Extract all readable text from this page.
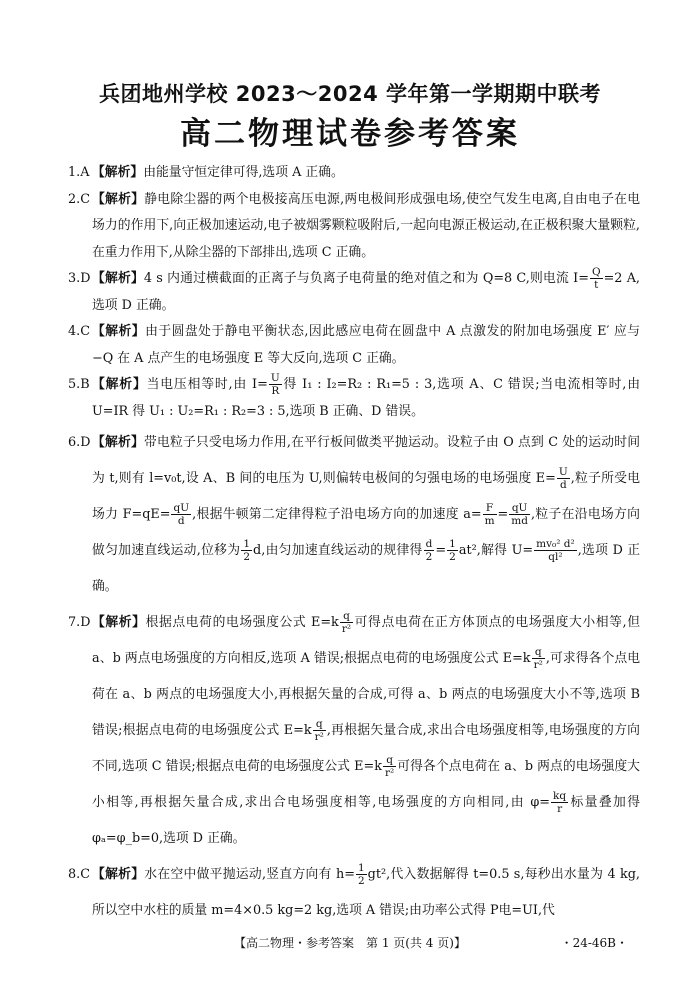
兵团地州学校 2023～2024 学年第一学期期中联考
高二物理试卷参考答案
1.A 【解析】由能量守恒定律可得,选项 A 正确。
2.C 【解析】静电除尘器的两个电极接高压电源,两电极间形成强电场,使空气发生电离,自由电子在电场力的作用下,向正极加速运动,电子被烟雾颗粒吸附后,一起向电源正极运动,在正极积聚大量颗粒,在重力作用下,从除尘器的下部排出,选项 C 正确。
3.D 【解析】4 s 内通过横截面的正离子与负离子电荷量的绝对值之和为 Q=8 C,则电流 $I= \frac{Q}{t} =2$ A,选项 D 正确。
4.C 【解析】由于圆盘处于静电平衡状态,因此感应电荷在圆盘中 A 点激发的附加电场强度 E′ 应与 −Q 在 A 点产生的电场强度 E 等大反向,选项 C 正确。
5.B 【解析】当电压相等时,由 $I= \frac{U}{R}$ 得 I₁ : I₂=R₂ : R₁=5 : 3,选项 A、C 错误;当电流相等时,由 U=IR 得 U₁ : U₂=R₁ : R₂=3 : 5,选项 B 正确、D 错误。
6.D 【解析】带电粒子只受电场力作用,在平行板间做类平抛运动。设粒子由 O 点到 C 处的运动时间为 t,则有 l=v₀t,设 A、B 间的电压为 U,则偏转电极间的匀强电场的电场强度 $E= \frac{U}{d}$ ,粒子所受电场力 $F=qE= \frac{qU}{d}$ ,根据牛顿第二定律得粒子沿电场方向的加速度 $a= \frac{F}{m} = \frac{qU}{md}$ ,粒子在沿电场方向做匀加速直线运动,位移为 $\frac{1}{2} d$,由匀加速直线运动的规律得 $\frac{d}{2} = \frac{1}{2} at^2$,解得 $U= \frac{\text{mv₀² d²}}{\text{ql²}}$ ,选项 D 正确。
7.D 【解析】根据点电荷的电场强度公式 $E=k \frac{q}{\text{r²}}$ 可得点电荷在正方体顶点的电场强度大小相等,但 a、b 两点电场强度的方向相反,选项 A 错误;根据点电荷的电场强度公式 $E=k \frac{q}{\text{r²}}$ ,可求得各个点电荷在 a、b 两点的电场强度大小,再根据矢量的合成,可得 a、b 两点的电场强度大小不等,选项 B 错误;根据点电荷的电场强度公式 $E=k \frac{q}{\text{r²}}$ ,再根据矢量合成,求出合电场强度相等,电场强度的方向不同,选项 C 错误;根据点电荷的电场强度公式 $E=k \frac{q}{\text{r²}}$ 可得各个点电荷在 a、b 两点的电场强度大小相等,再根据矢量合成,求出合电场强度相等,电场强度的方向相同,由 $\varphi= \frac{kq}{r}$ 标量叠加得 φₐ=φ_b=0,选项 D 正确。
8.C 【解析】水在空中做平抛运动,竖直方向有 $h= \frac{1}{2} gt^2$,代入数据解得 t=0.5 s,每秒出水量为 4 kg,所以空中水柱的质量 m=4×0.5 kg=2 kg,选项 A 错误;由功率公式得 P电=UI,代
【高二物理・参考答案　第 1 页(共 4 页)】	・24-46B・
